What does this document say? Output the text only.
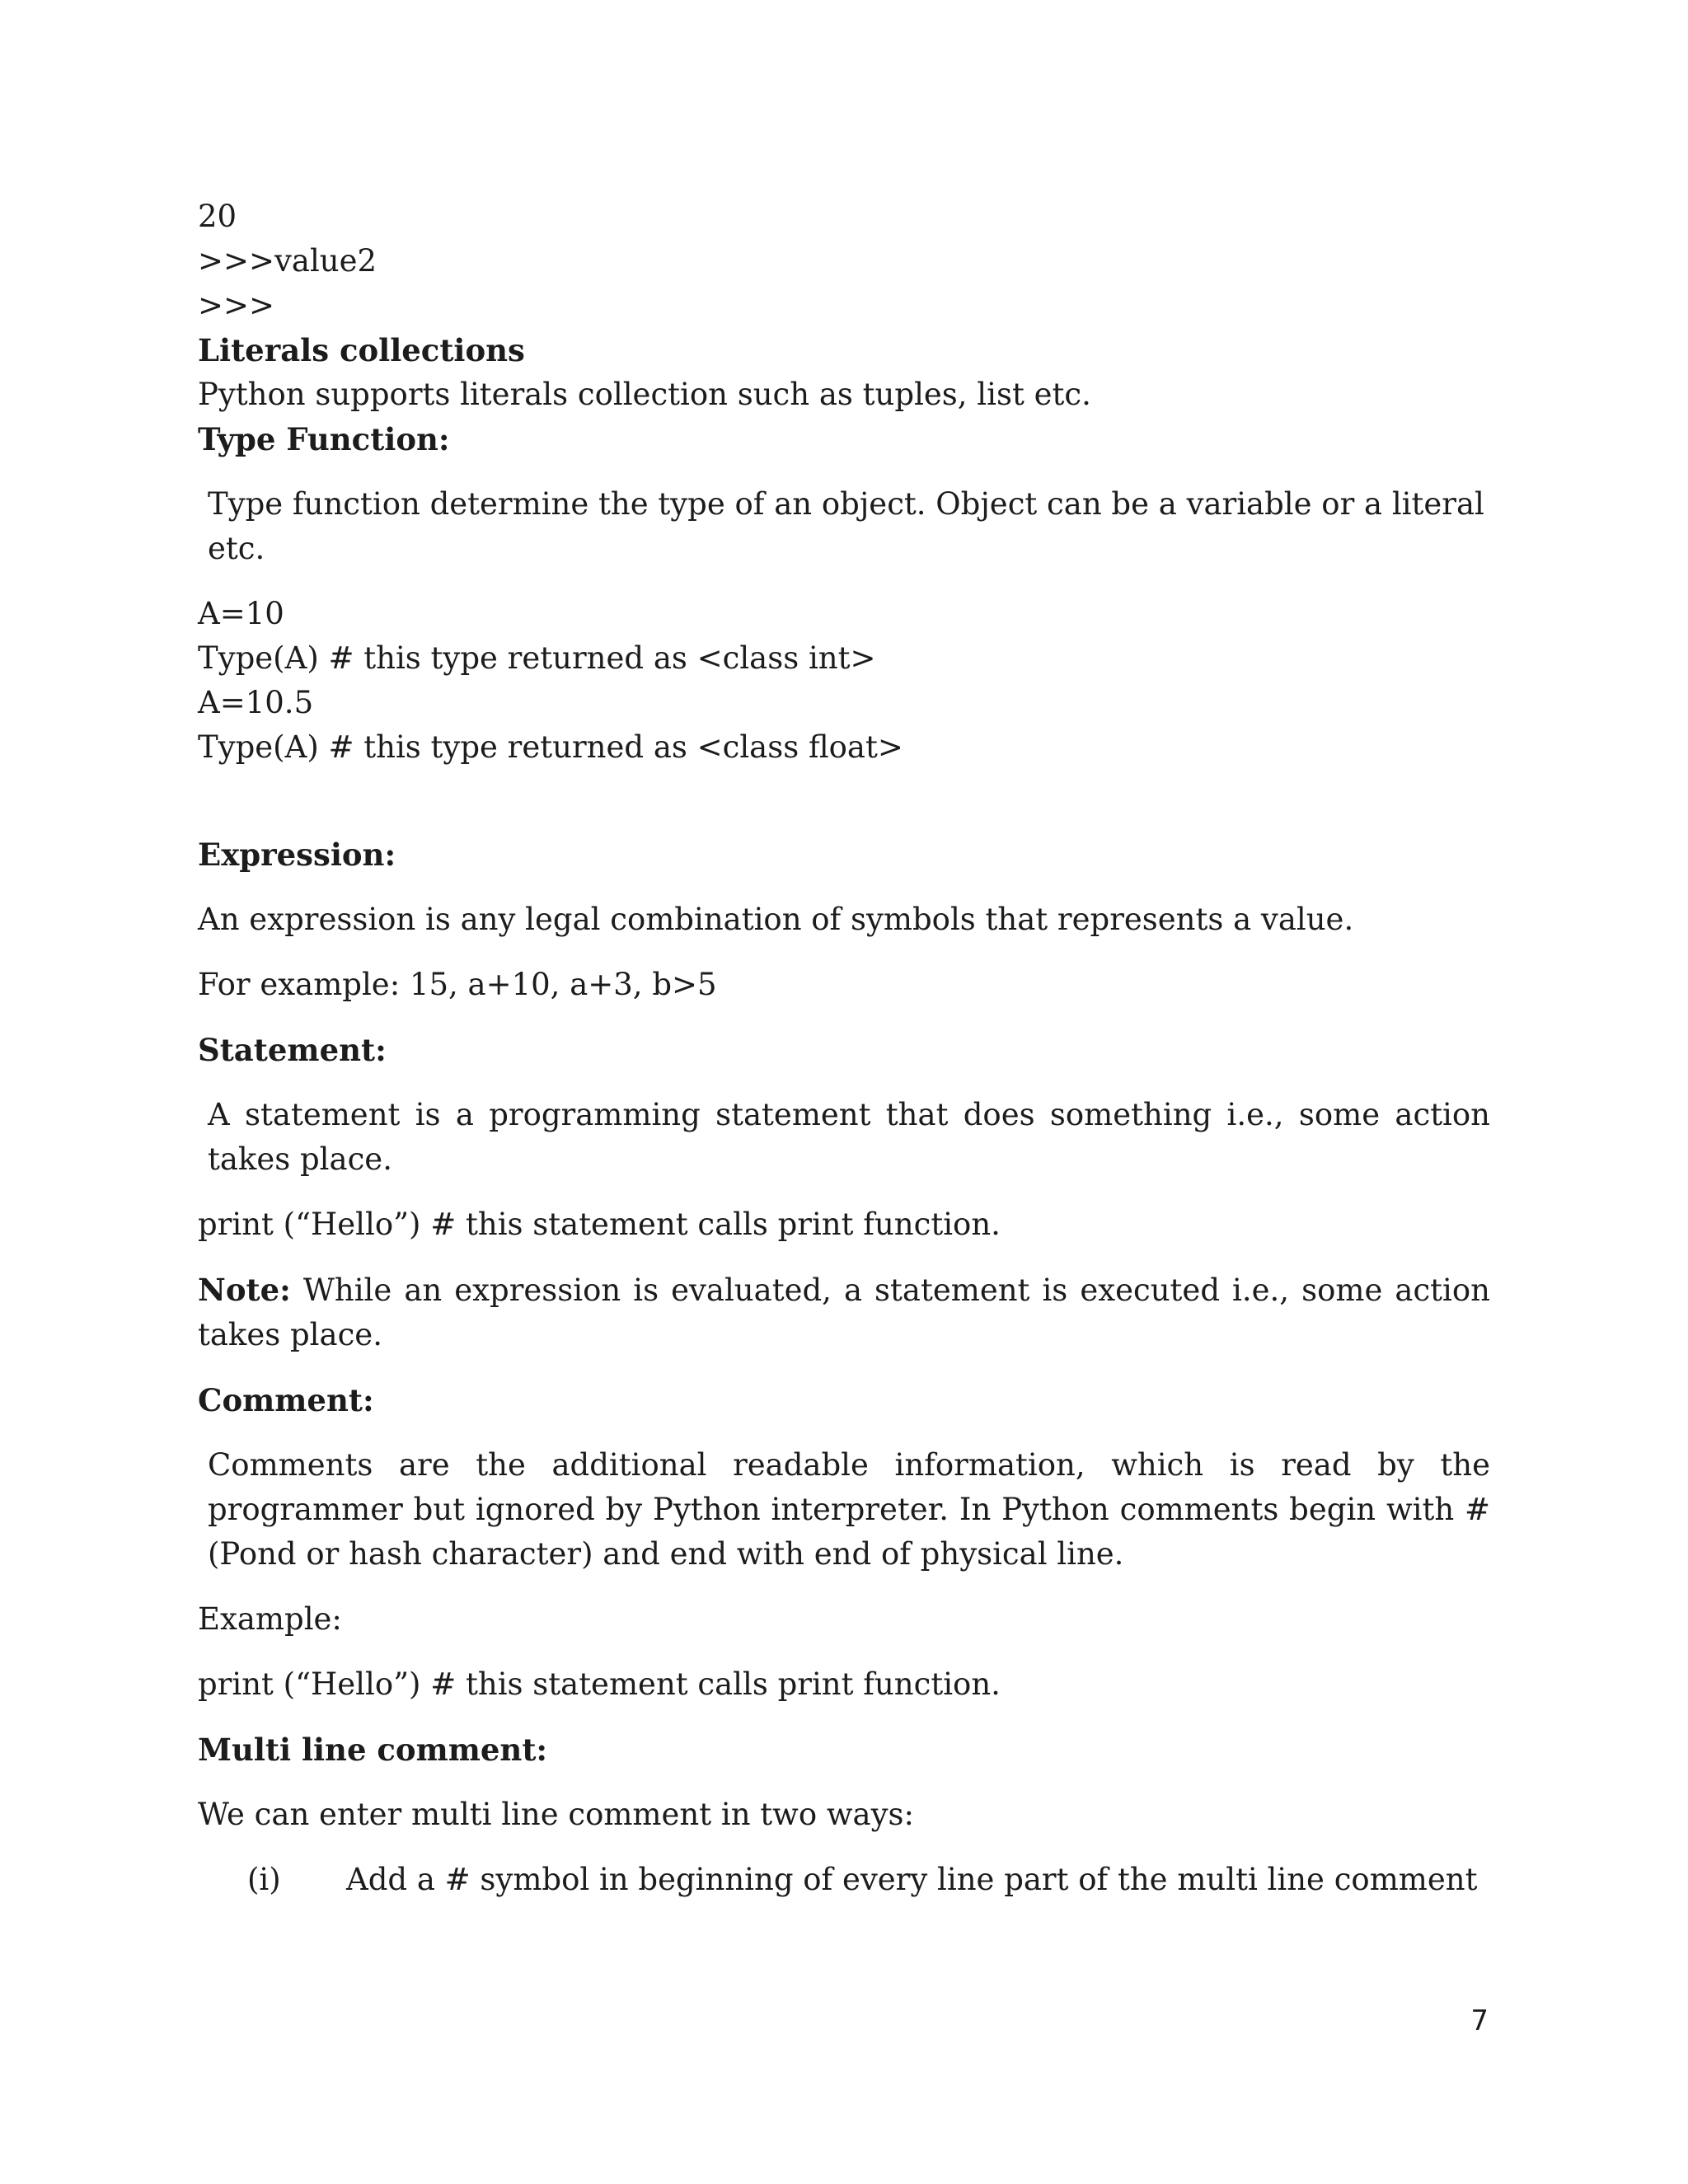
20

>>>value2

>>>

Literals collections

Python supports literals collection such as tuples, list etc.

Type Function:

Type function determine the type of an object. Object can be a variable or a literal etc.

A=10

Type(A) # this type returned as <class int>

A=10.5

Type(A) # this type returned as <class float>

Expression:

An expression is any legal combination of symbols that represents a value.

For example: 15, a+10, a+3, b>5

Statement:

A statement is a programming statement that does something i.e., some action takes place.

print (“Hello”) # this statement calls print function.

Note: While an expression is evaluated, a statement is executed i.e., some action takes place.

Comment:

Comments are the additional readable information, which is read by the programmer but ignored by Python interpreter. In Python comments begin with #(Pond or hash character) and end with end of physical line.

Example:

print (“Hello”) # this statement calls print function.

Multi line comment:

We can enter multi line comment in two ways:

(i)	Add a # symbol in beginning of every line part of the multi line comment
7
